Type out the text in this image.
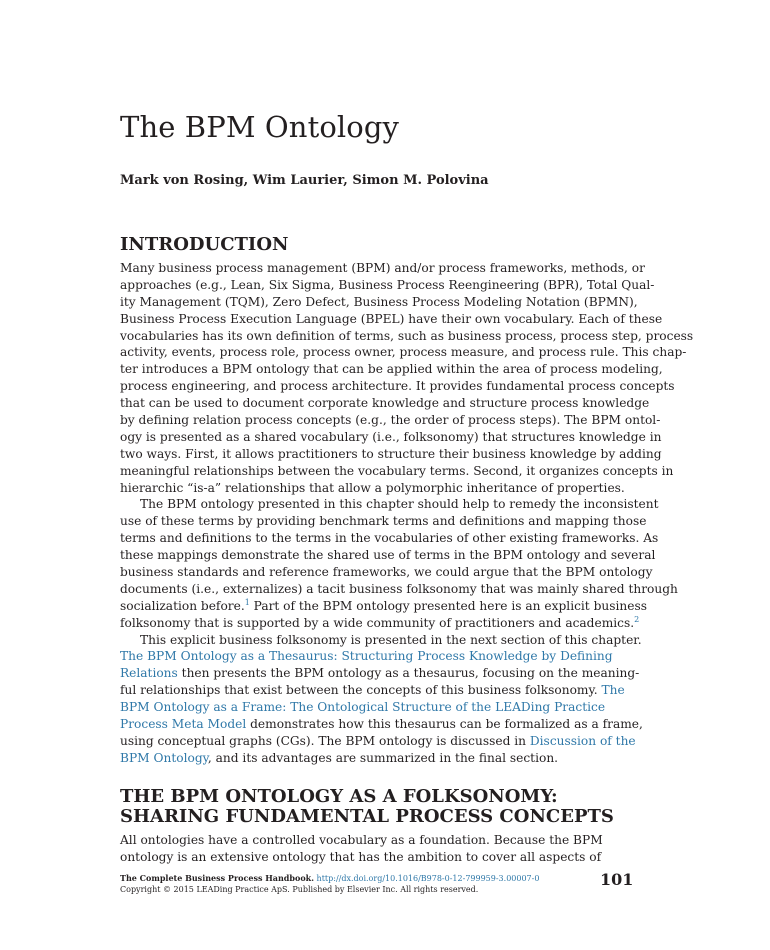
The BPM Ontology

Mark von Rosing, Wim Laurier, Simon M. Polovina

INTRODUCTION
Many business process management (BPM) and/or process frameworks, methods, or
approaches (e.g., Lean, Six Sigma, Business Process Reengineering (BPR), Total Qual-
ity Management (TQM), Zero Defect, Business Process Modeling Notation (BPMN),
Business Process Execution Language (BPEL) have their own vocabulary. Each of these
vocabularies has its own definition of terms, such as business process, process step, process
activity, events, process role, process owner, process measure, and process rule. This chap-
ter introduces a BPM ontology that can be applied within the area of process modeling,
process engineering, and process architecture. It provides fundamental process concepts
that can be used to document corporate knowledge and structure process knowledge
by defining relation process concepts (e.g., the order of process steps). The BPM ontol-
ogy is presented as a shared vocabulary (i.e., folksonomy) that structures knowledge in
two ways. First, it allows practitioners to structure their business knowledge by adding
meaningful relationships between the vocabulary terms. Second, it organizes concepts in
hierarchic “is-a” relationships that allow a polymorphic inheritance of properties.
The BPM ontology presented in this chapter should help to remedy the inconsistent
use of these terms by providing benchmark terms and definitions and mapping those
terms and definitions to the terms in the vocabularies of other existing frameworks. As
these mappings demonstrate the shared use of terms in the BPM ontology and several
business standards and reference frameworks, we could argue that the BPM ontology
documents (i.e., externalizes) a tacit business folksonomy that was mainly shared through
socialization before.$^1$ Part of the BPM ontology presented here is an explicit business
folksonomy that is supported by a wide community of practitioners and academics.$^2$
This explicit business folksonomy is presented in the next section of this chapter.
The BPM Ontology as a Thesaurus: Structuring Process Knowledge by Defining
Relations then presents the BPM ontology as a thesaurus, focusing on the meaning-
ful relationships that exist between the concepts of this business folksonomy. The
BPM Ontology as a Frame: The Ontological Structure of the LEADing Practice
Process Meta Model demonstrates how this thesaurus can be formalized as a frame,
using conceptual graphs (CGs). The BPM ontology is discussed in Discussion of the
BPM Ontology, and its advantages are summarized in the final section.
THE BPM ONTOLOGY AS A FOLKSONOMY:
SHARING FUNDAMENTAL PROCESS CONCEPTS
All ontologies have a controlled vocabulary as a foundation. Because the BPM
ontology is an extensive ontology that has the ambition to cover all aspects of
The Complete Business Process Handbook. http://dx.doi.org/10.1016/B978-0-12-799959-3.00007-0
Copyright © 2015 LEADing Practice ApS. Published by Elsevier Inc. All rights reserved.
101
